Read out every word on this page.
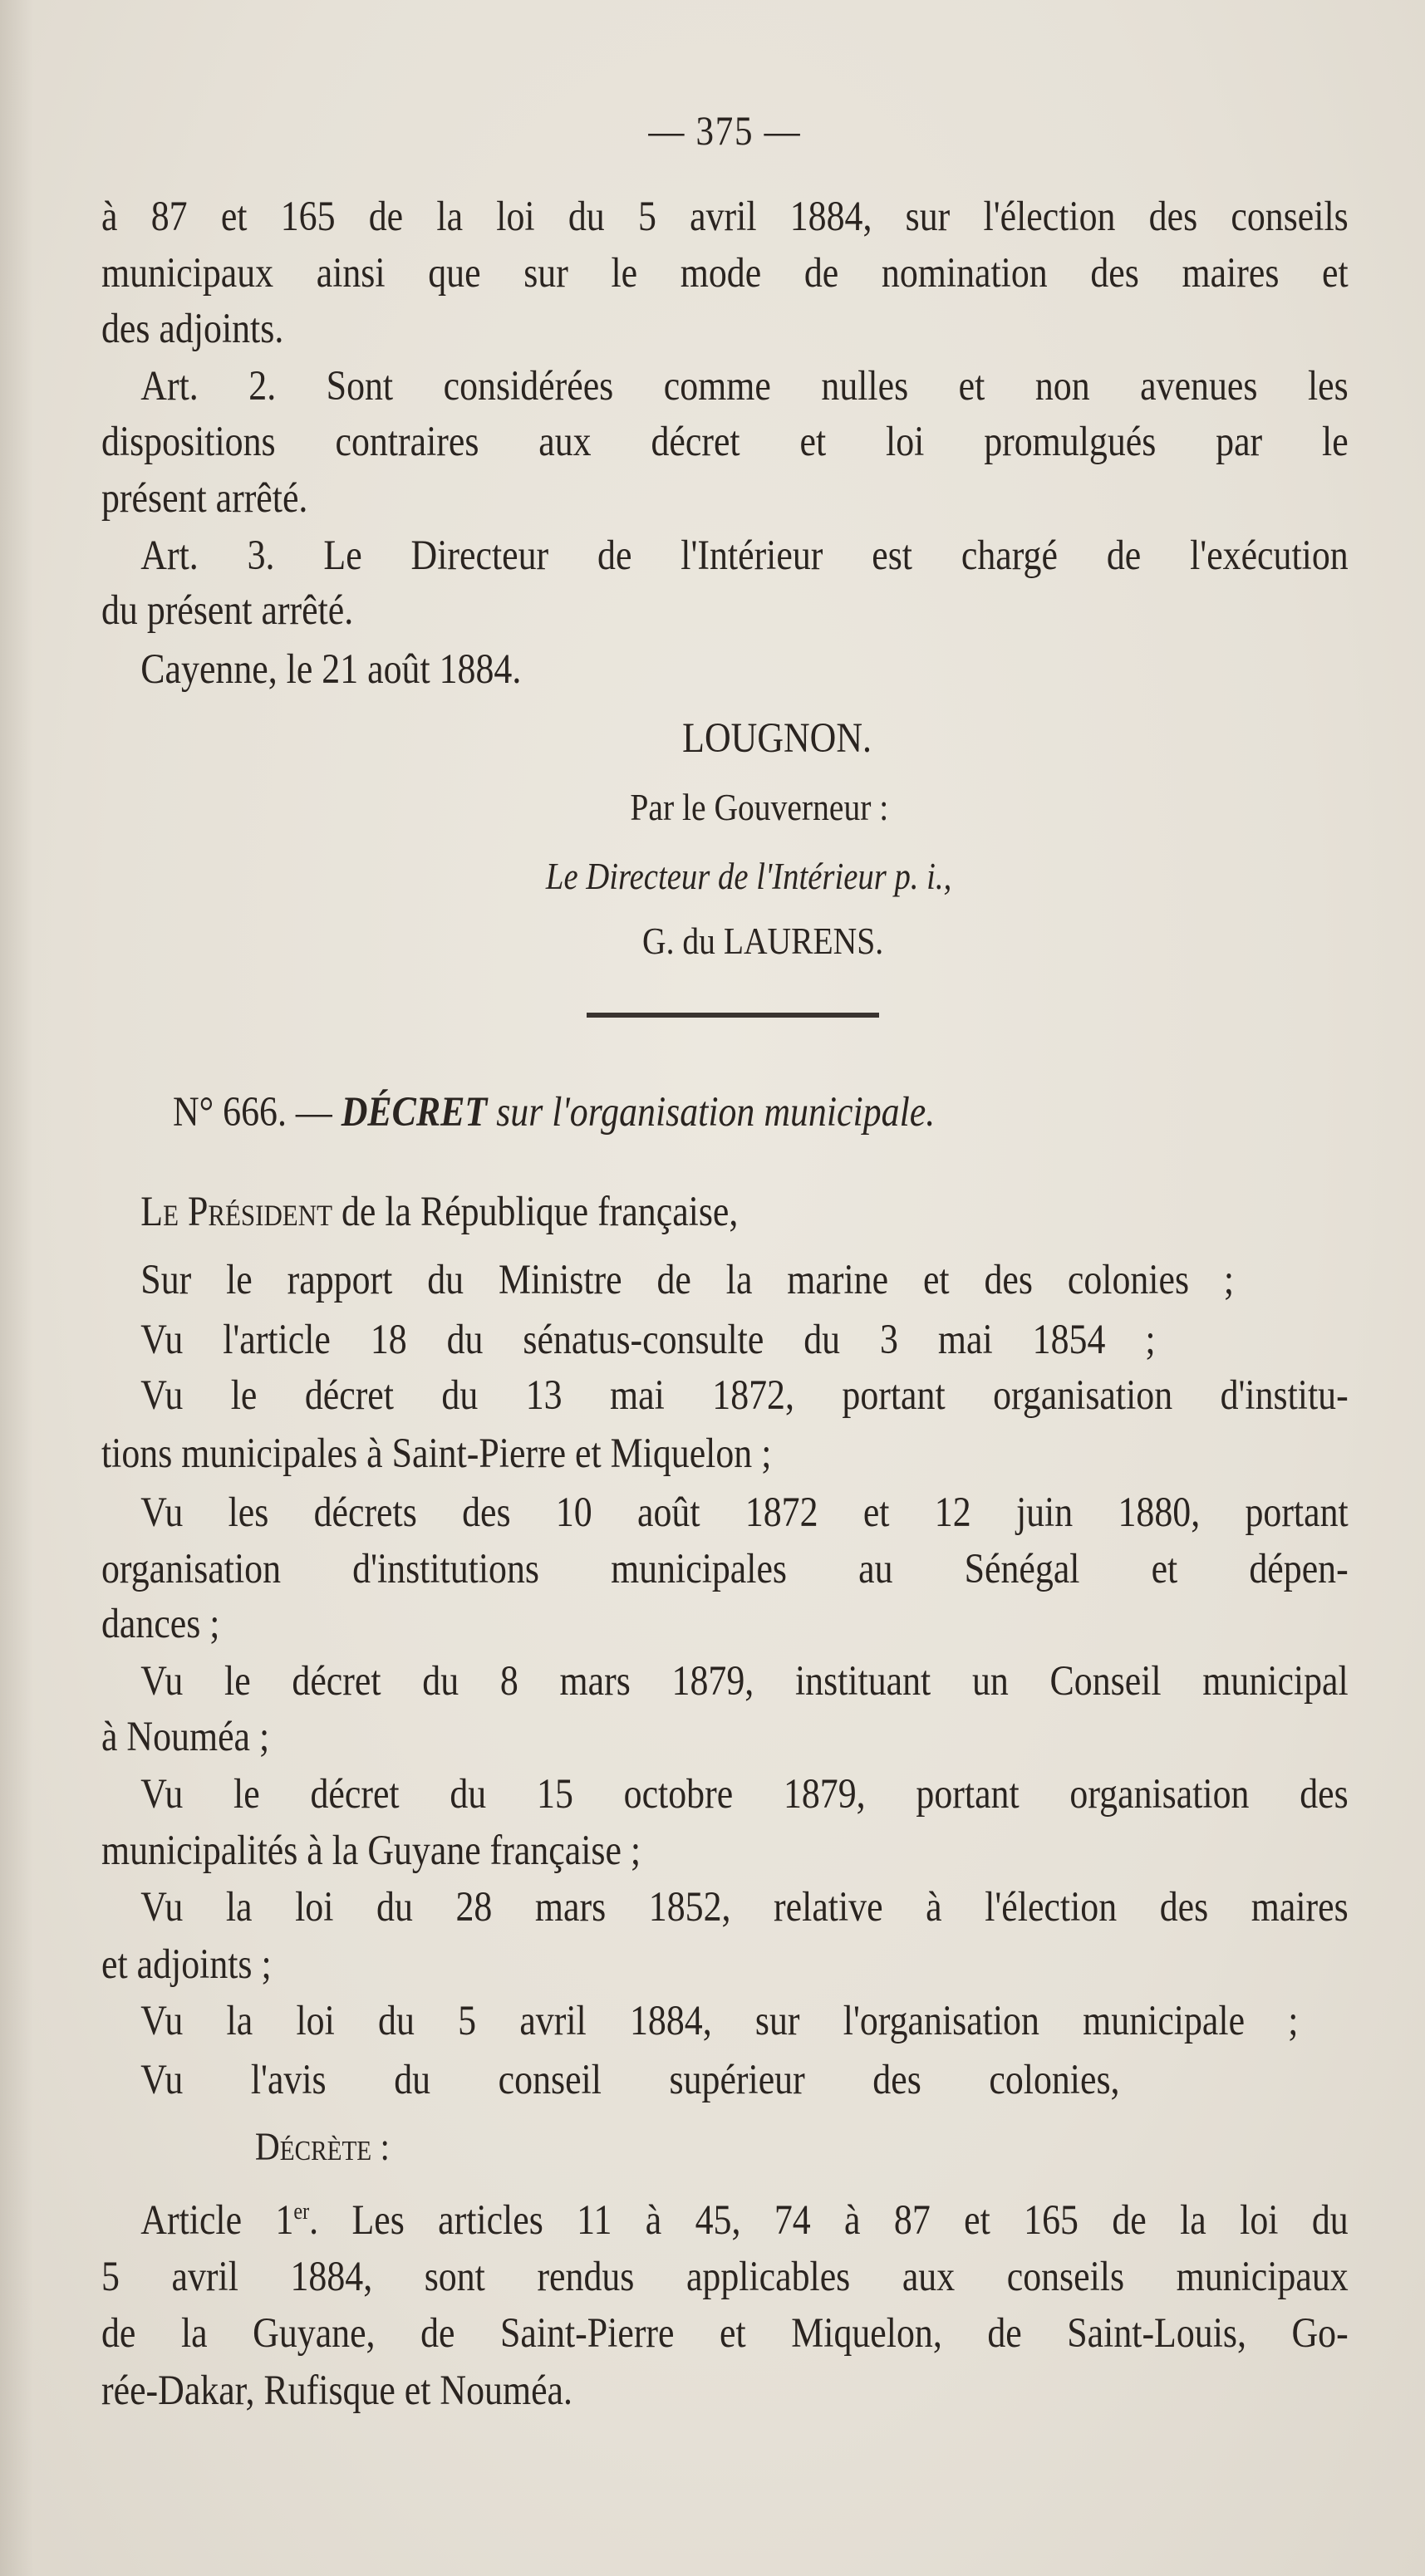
— 375 —
à 87 et 165 de la loi du 5 avril 1884, sur l'élection des conseils
municipaux ainsi que sur le mode de nomination des maires et
des adjoints.
Art. 2. Sont considérées comme nulles et non avenues les
dispositions contraires aux décret et loi promulgués par le
présent arrêté.
Art. 3. Le Directeur de l'Intérieur est chargé de l'exécution
du présent arrêté.
Cayenne, le 21 août 1884.
LOUGNON.
Par le Gouverneur :
Le Directeur de l'Intérieur p. i.,
G. du LAURENS.
N° 666. — DÉCRET sur l'organisation municipale.
Le Président de la République française,
Sur le rapport du Ministre de la marine et des colonies ;
Vu l'article 18 du sénatus-consulte du 3 mai 1854 ;
Vu le décret du 13 mai 1872, portant organisation d'institu-
tions municipales à Saint-Pierre et Miquelon ;
Vu les décrets des 10 août 1872 et 12 juin 1880, portant
organisation d'institutions municipales au Sénégal et dépen-
dances ;
Vu le décret du 8 mars 1879, instituant un Conseil municipal
à Nouméa ;
Vu le décret du 15 octobre 1879, portant organisation des
municipalités à la Guyane française ;
Vu la loi du 28 mars 1852, relative à l'élection des maires
et adjoints ;
Vu la loi du 5 avril 1884, sur l'organisation municipale ;
Vu l'avis du conseil supérieur des colonies,
Décrète :
Article 1er. Les articles 11 à 45, 74 à 87 et 165 de la loi du
5 avril 1884, sont rendus applicables aux conseils municipaux
de la Guyane, de Saint-Pierre et Miquelon, de Saint-Louis, Go-
rée-Dakar, Rufisque et Nouméa.
